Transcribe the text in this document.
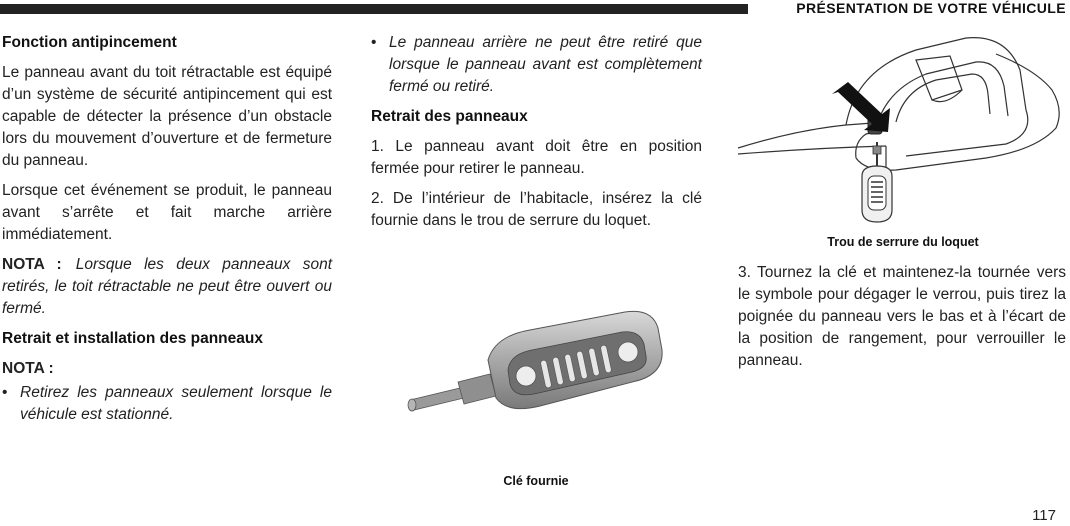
PRÉSENTATION DE VOTRE VÉHICULE
Fonction antipincement

Le panneau avant du toit rétractable est équipé d’un système de sécurité antipincement qui est capable de détecter la présence d’un obstacle lors du mouvement d’ouverture et de fermeture du panneau.

Lorsque cet événement se produit, le panneau avant s’arrête et fait marche arrière immédiatement.

NOTA : Lorsque les deux panneaux sont retirés, le toit rétractable ne peut être ouvert ou fermé.

Retrait et installation des panneaux
NOTA :
• Retirez les panneaux seulement lorsque le véhicule est stationné.
• Le panneau arrière ne peut être retiré que lorsque le panneau avant est complètement fermé ou retiré.
Retrait des panneaux

1. Le panneau avant doit être en position fermée pour retirer le panneau.

2. De l’intérieur de l’habitacle, insérez la clé fournie dans le trou de serrure du loquet.

Clé fournie
Trou de serrure du loquet

3. Tournez la clé et maintenez-la tournée vers le symbole pour dégager le verrou, puis tirez la poignée du panneau vers le bas et à l’écart de la position de rangement, pour verrouiller le panneau.

117
